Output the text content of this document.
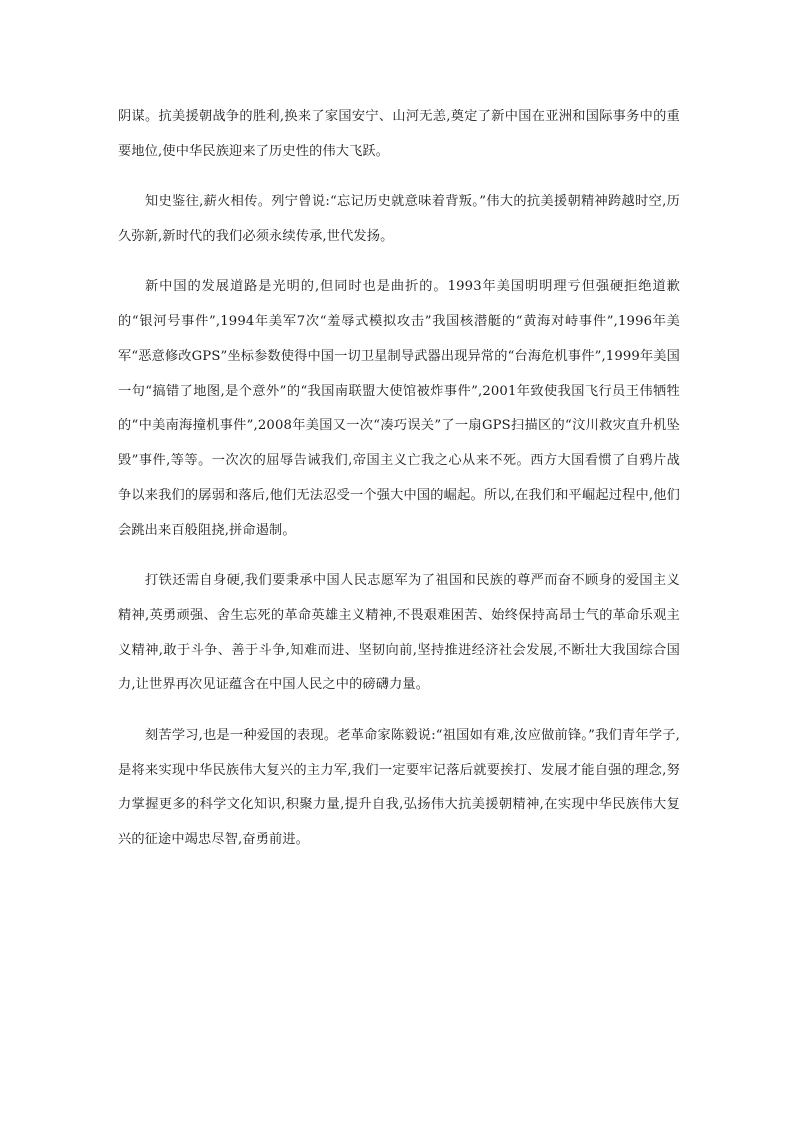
阴谋。抗美援朝战争的胜利,换来了家国安宁、山河无恙,奠定了新中国在亚洲和国际事务中的重要地位,使中华民族迎来了历史性的伟大飞跃。

知史鉴往,薪火相传。列宁曾说:“忘记历史就意味着背叛。”伟大的抗美援朝精神跨越时空,历久弥新,新时代的我们必须永续传承,世代发扬。

新中国的发展道路是光明的,但同时也是曲折的。1993年美国明明理亏但强硬拒绝道歉的“银河号事件”,1994年美军7次“羞辱式模拟攻击”我国核潜艇的“黄海对峙事件”,1996年美军“恶意修改GPS”坐标参数使得中国一切卫星制导武器出现异常的“台海危机事件”,1999年美国一句“搞错了地图,是个意外”的“我国南联盟大使馆被炸事件”,2001年致使我国飞行员王伟牺牲的“中美南海撞机事件”,2008年美国又一次“凑巧误关”了一扇GPS扫描区的“汶川救灾直升机坠毁”事件,等等。一次次的屈辱告诫我们,帝国主义亡我之心从来不死。西方大国看惯了自鸦片战争以来我们的孱弱和落后,他们无法忍受一个强大中国的崛起。所以,在我们和平崛起过程中,他们会跳出来百般阻挠,拼命遏制。

打铁还需自身硬,我们要秉承中国人民志愿军为了祖国和民族的尊严而奋不顾身的爱国主义精神,英勇顽强、舍生忘死的革命英雄主义精神,不畏艰难困苦、始终保持高昂士气的革命乐观主义精神,敢于斗争、善于斗争,知难而进、坚韧向前,坚持推进经济社会发展,不断壮大我国综合国力,让世界再次见证蕴含在中国人民之中的磅礴力量。

刻苦学习,也是一种爱国的表现。老革命家陈毅说:“祖国如有难,汝应做前锋。”我们青年学子,是将来实现中华民族伟大复兴的主力军,我们一定要牢记落后就要挨打、发展才能自强的理念,努力掌握更多的科学文化知识,积聚力量,提升自我,弘扬伟大抗美援朝精神,在实现中华民族伟大复兴的征途中竭忠尽智,奋勇前进。
